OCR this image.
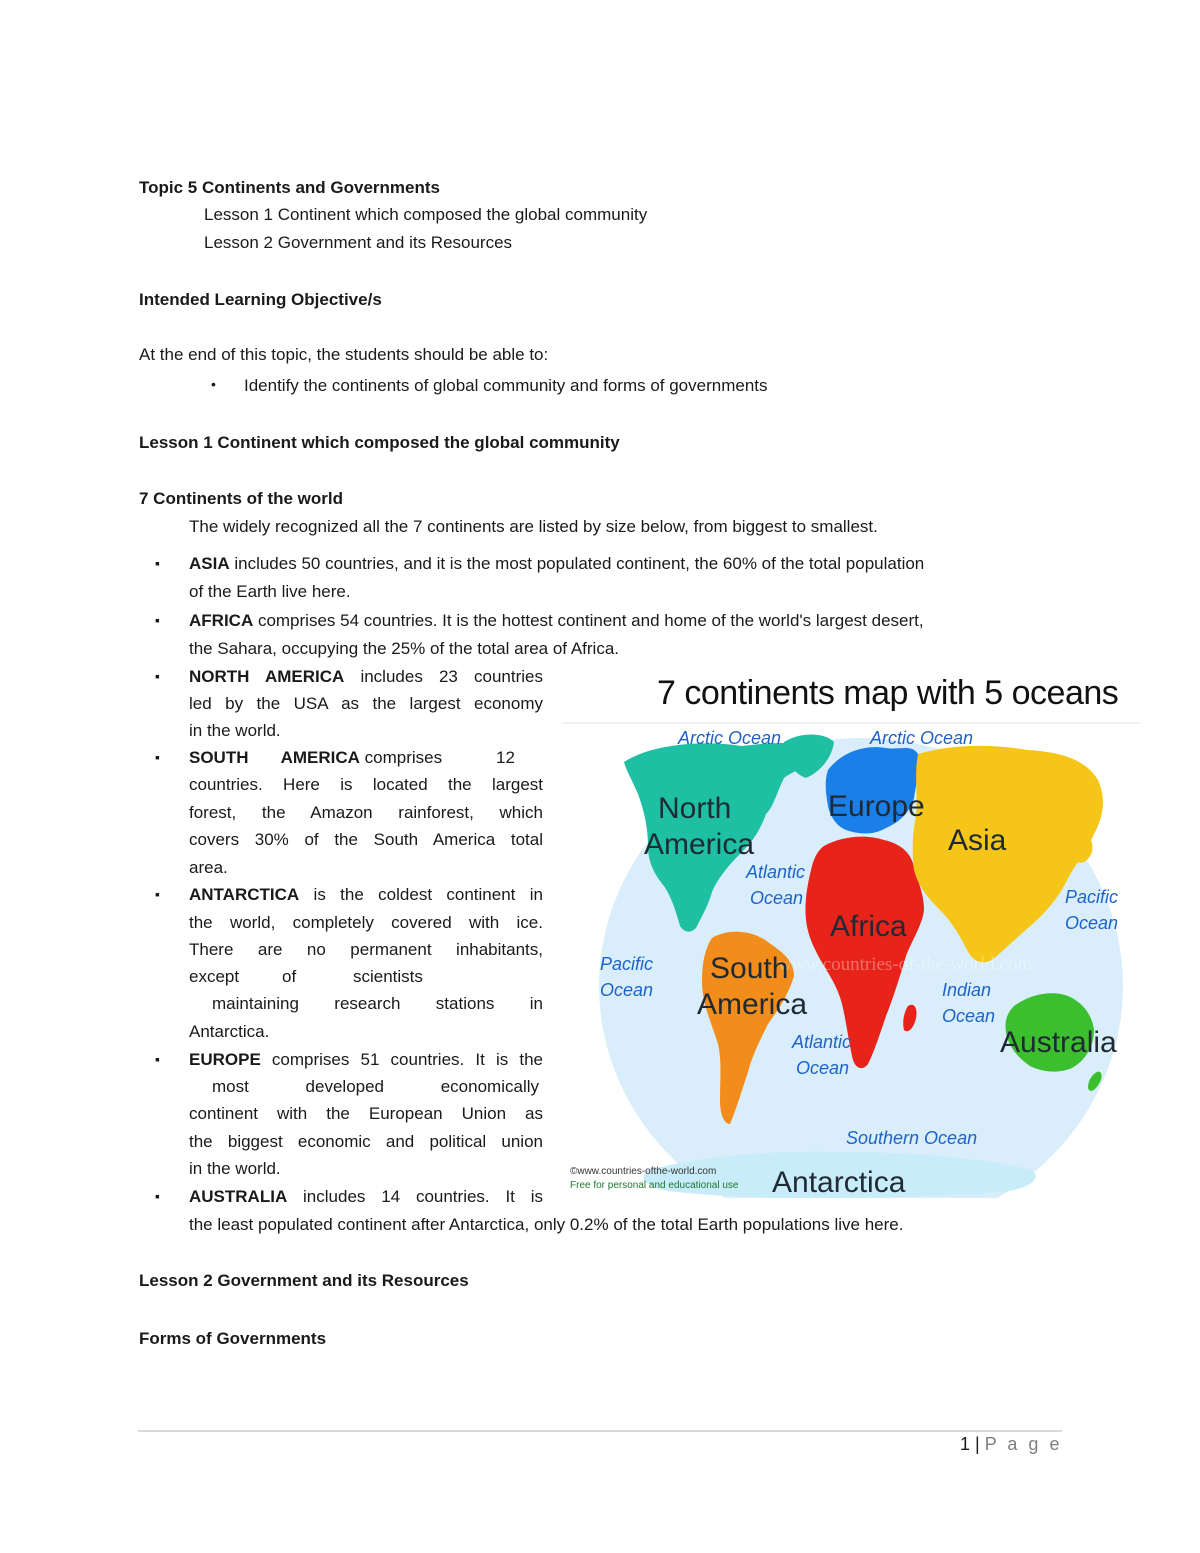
Topic 5 Continents and Governments
Lesson 1 Continent which composed the global community
Lesson 2 Government and its Resources
Intended Learning Objective/s
At the end of this topic, the students should be able to:
• Identify the continents of global community and forms of governments
Lesson 1 Continent which composed the global community
7 Continents of the world
The widely recognized all the 7 continents are listed by size below, from biggest to smallest.
▪ ASIA includes 50 countries, and it is the most populated continent, the 60% of the total population
of the Earth live here.
▪ AFRICA comprises 54 countries. It is the hottest continent and home of the world's largest desert,
the Sahara, occupying the 25% of the total area of Africa.
▪ NORTH AMERICA includes 23 countries
led by the USA as the largest economy
in the world.
▪ SOUTH AMERICA comprises	12
countries. Here is located the largest
forest, the Amazon rainforest, which
covers 30% of the South America total
area.
▪ ANTARCTICA is the coldest continent in
the world, completely covered with ice.
There are no permanent inhabitants,
except	of	scientists
maintaining research stations in
Antarctica.
▪ EUROPE comprises 51 countries. It is the
most developed economically
continent with the European Union as
the biggest economic and political union
in the world.
▪ AUSTRALIA includes 14 countries. It is
the least populated continent after Antarctica, only 0.2% of the total Earth populations live here.
7 continents map with 5 oceans
www.countries-of-the-world.com
Arctic Ocean	Arctic Ocean
Atlantic Ocean
Atlantic Ocean
Pacific Ocean
Pacific Ocean
Indian Ocean
Southern Ocean
North America
Europe
Asia
Africa
South America
Australia
Antarctica
©www.countries-ofthe-world.com
Free for personal and educational use
Lesson 2 Government and its Resources
Forms of Governments
1 | P a g e
